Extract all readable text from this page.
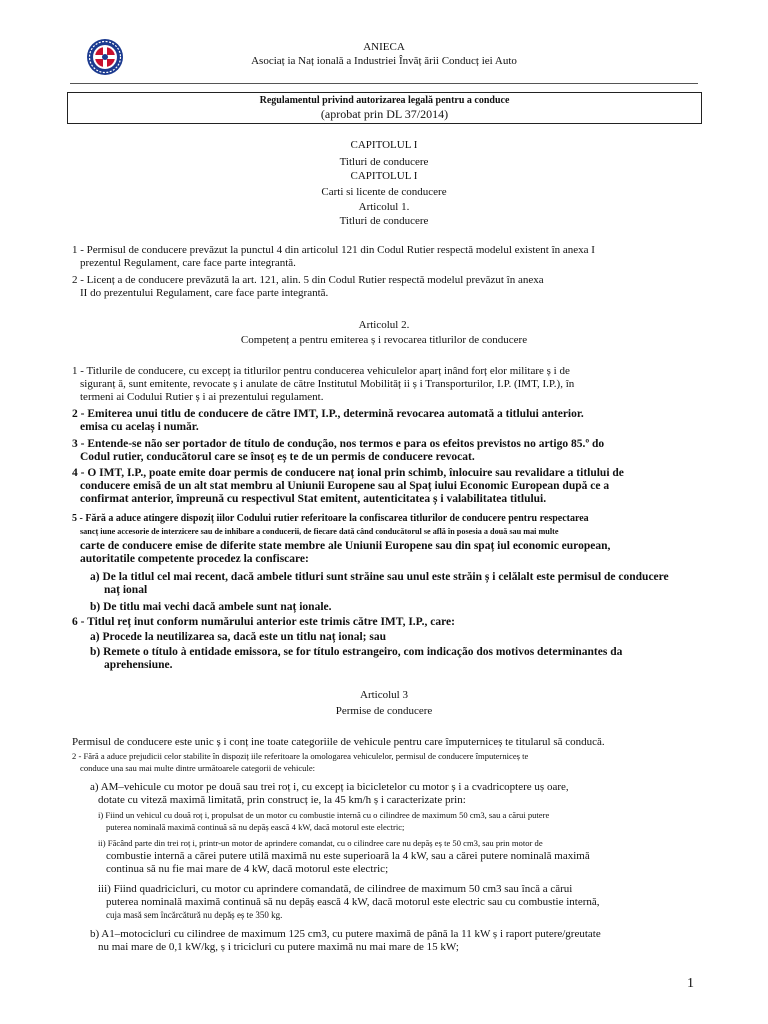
ANIECA
Asociaț ia Naț ională a Industriei Învăț ării Conducț iei Auto
Regulamentul privind autorizarea legală pentru a conduce
(aprobat prin DL 37/2014)
CAPITOLUL I
Titluri de conducere
CAPITOLUL I
Carti si licente de conducere
Articolul 1.
Titluri de conducere
1 - Permisul de conducere prevăzut la punctul 4 din articolul 121 din Codul Rutier respectă modelul existent în anexa I
prezentul Regulament, care face parte integrantă.
2 - Licenț a de conducere prevăzută la art. 121, alin. 5 din Codul Rutier respectă modelul prevăzut în anexa
II do prezentului Regulament, care face parte integrantă.
Articolul 2.
Competenț a pentru emiterea ș i revocarea titlurilor de conducere
1 - Titlurile de conducere, cu excepț ia titlurilor pentru conducerea vehiculelor aparț inând forț elor militare ș i de
siguranț ă, sunt emitente, revocate ș i anulate de către Institutul Mobilităț ii ș i Transporturilor, I.P. (IMT, I.P.), în
termeni ai Codului Rutier ș i ai prezentului regulament.
2 - Emiterea unui titlu de conducere de către IMT, I.P., determină revocarea automată a titlului anterior.
emisa cu acelaș i număr.
3 - Entende-se não ser portador de título de condução, nos termos e para os efeitos previstos no artigo 85.º do
Codul rutier, conducătorul care se însoț eș te de un permis de conducere revocat.
4 - O IMT, I.P., poate emite doar permis de conducere naț ional prin schimb, înlocuire sau revalidare a titlului de
conducere emisă de un alt stat membru al Uniunii Europene sau al Spaț iului Economic European după ce a
confirmat anterior, împreună cu respectivul Stat emitent, autenticitatea ș i valabilitatea titlului.
5 - Fără a aduce atingere dispoziț iilor Codului rutier referitoare la confiscarea titlurilor de conducere pentru respectarea
sancț iune accesorie de interzicere sau de inhibare a conducerii, de fiecare dată când conducătorul se află în posesia a două sau mai multe
carte de conducere emise de diferite state membre ale Uniunii Europene sau din spaț iul economic european,
autoritatile competente procedez la confiscare:
a) De la titlul cel mai recent, dacă ambele titluri sunt străine sau unul este străin ș i celălalt este permisul de conducere
naț ional
b) De titlu mai vechi dacă ambele sunt naț ionale.
6 - Titlul reț inut conform numărului anterior este trimis către IMT, I.P., care:
a) Procede la neutilizarea sa, dacă este un titlu naț ional; sau
b) Remete o título à entidade emissora, se for título estrangeiro, com indicação dos motivos determinantes da
aprehensiune.
Articolul 3
Permise de conducere
Permisul de conducere este unic ș i conț ine toate categoriile de vehicule pentru care împuterniceș te titularul să conducă.
2 - Fără a aduce prejudicii celor stabilite în dispoziț iile referitoare la omologarea vehiculelor, permisul de conducere împuterniceș te
conduce una sau mai multe dintre următoarele categorii de vehicule:
a) AM–vehicule cu motor pe două sau trei roț i, cu excepț ia bicicletelor cu motor ș i a cvadricoptere uș oare,
dotate cu viteză maximă limitată, prin construcț ie, la 45 km/h ș i caracterizate prin:
i) Fiind un vehicul cu două roț i, propulsat de un motor cu combustie internă cu o cilindree de maximum 50 cm3, sau a cărui putere
puterea nominală maximă continuă să nu depăș ească 4 kW, dacă motorul este electric;
ii) Făcând parte din trei roț i, printr-un motor de aprindere comandat, cu o cilindree care nu depăș eș te 50 cm3, sau prin motor de
combustie internă a cărei putere utilă maximă nu este superioară la 4 kW, sau a cărei putere nominală maximă
continua să nu fie mai mare de 4 kW, dacă motorul este electric;
iii) Fiind quadricicluri, cu motor cu aprindere comandată, de cilindree de maximum 50 cm3 sau încă a cărui
puterea nominală maximă continuă să nu depăș ească 4 kW, dacă motorul este electric sau cu combustie internă,
cuja masă sem încărcătură nu depăș eș te 350 kg.
b) A1–motocicluri cu cilindree de maximum 125 cm3, cu putere maximă de până la 11 kW ș i raport putere/greutate
nu mai mare de 0,1 kW/kg, ș i tricicluri cu putere maximă nu mai mare de 15 kW;
1
